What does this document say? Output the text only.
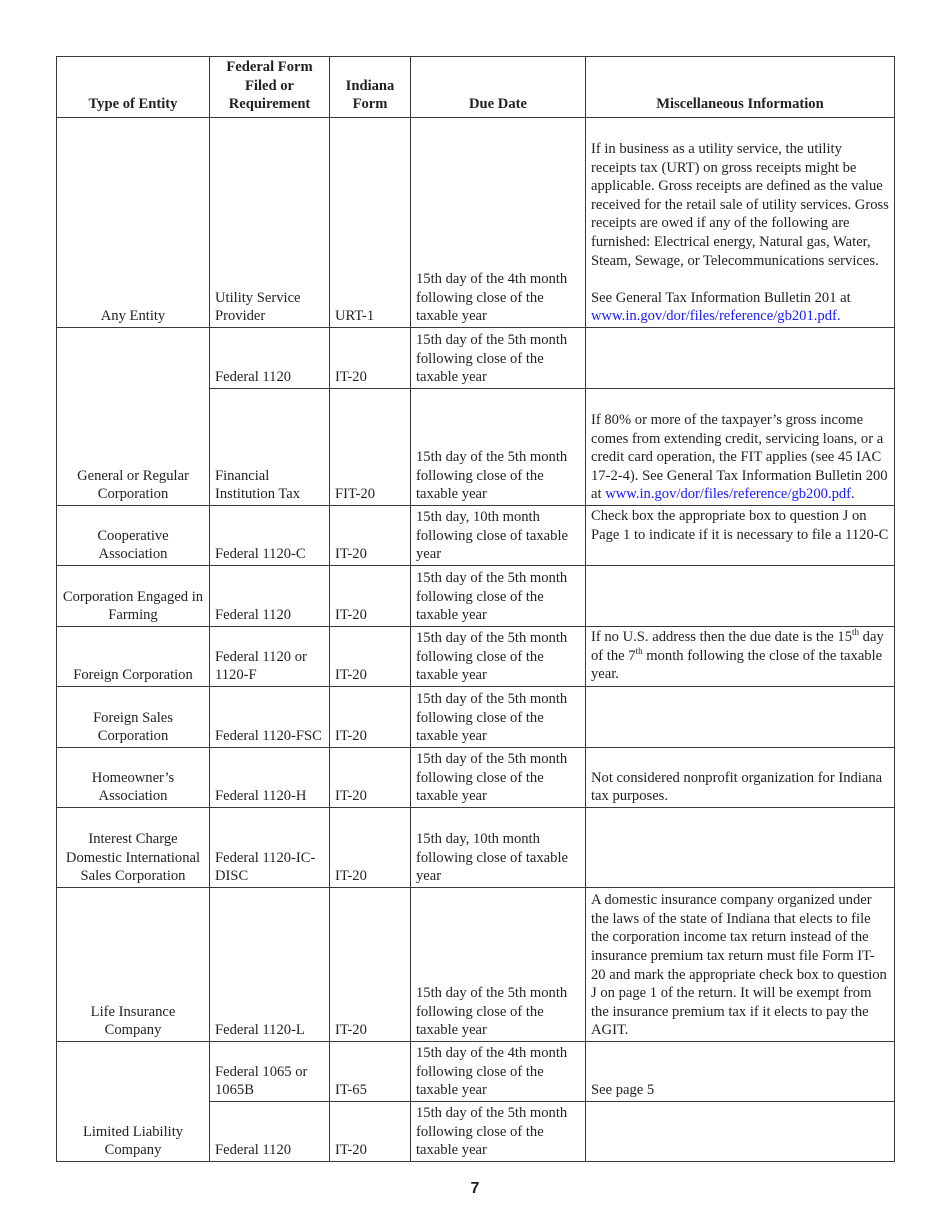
Type of Entity	Federal Form Filed or Requirement	Indiana Form	Due Date	Miscellaneous Information
Any Entity	Utility Service Provider	URT-1	15th day of the 4th month following close of the taxable year	If in business as a utility service, the utility receipts tax (URT) on gross receipts might be applicable. Gross receipts are defined as the value received for the retail sale of utility services. Gross receipts are owed if any of the following are furnished: Electrical energy, Natural gas, Water, Steam, Sewage, or Telecommunications services.
See General Tax Information Bulletin 201 at www.in.gov/dor/files/reference/gb201.pdf.

General or Regular Corporation	Federal 1120	IT-20	15th day of the 5th month following close of the taxable year	
	Financial Institution Tax	FIT-20	15th day of the 5th month following close of the taxable year	If 80% or more of the taxpayer’s gross income comes from extending credit, servicing loans, or a credit card operation, the FIT applies (see 45 IAC 17-2-4). See General Tax Information Bulletin 200 at www.in.gov/dor/files/reference/gb200.pdf.
Cooperative Association	Federal 1120-C	IT-20	15th day, 10th month following close of taxable year	Check box the appropriate box to question J on Page 1 to indicate if it is necessary to file a 1120-C
Corporation Engaged in Farming	Federal 1120	IT-20	15th day of the 5th month following close of the taxable year	
Foreign Corporation	Federal 1120 or 1120-F	IT-20	15th day of the 5th month following close of the taxable year	If no U.S. address then the due date is the 15th day of the 7th month following the close of the taxable year.
Foreign Sales Corporation	Federal 1120-FSC	IT-20	15th day of the 5th month following close of the taxable year	
Homeowner’s Association	Federal 1120-H	IT-20	15th day of the 5th month following close of the taxable year	Not considered nonprofit organization for Indiana tax purposes.
Interest Charge Domestic International Sales Corporation	Federal 1120-IC-DISC	IT-20	15th day, 10th month following close of taxable year	
Life Insurance Company	Federal 1120-L	IT-20	15th day of the 5th month following close of the taxable year	A domestic insurance company organized under the laws of the state of Indiana that elects to file the corporation income tax return instead of the insurance premium tax return must file Form IT-20 and mark the appropriate check box to question J on page 1 of the return. It will be exempt from the insurance premium tax if it elects to pay the AGIT.
Limited Liability Company	Federal 1065 or 1065B	IT-65	15th day of the 4th month following close of the taxable year	See page 5
	Federal 1120	IT-20	15th day of the 5th month following close of the taxable year	
7
